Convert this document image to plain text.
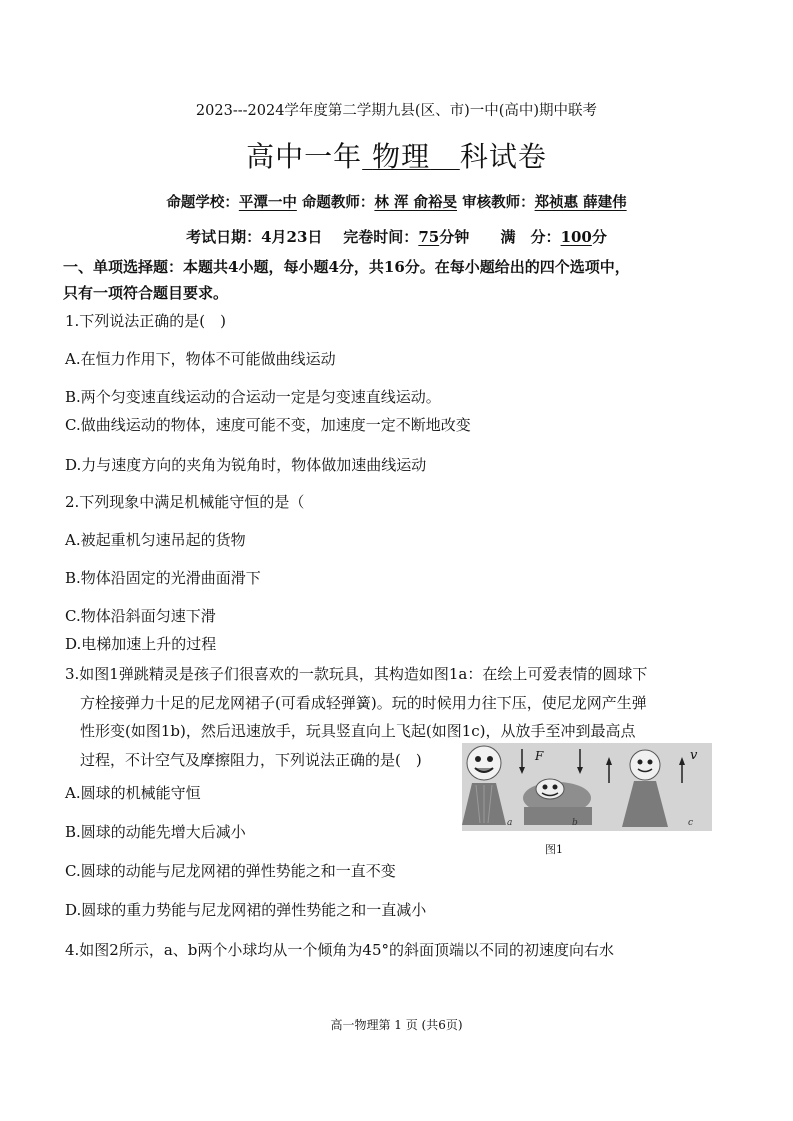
2023---2024学年度第二学期九县(区、市)一中(高中)期中联考
高中一年 物理 科试卷
命题学校：平潭一中 命题教师：林 浑 俞裕旻 审核教师：郑祯惠 薛建伟
考试日期：4月23日 完卷时间：75分钟 满　分：100分
一、单项选择题：本题共4小题，每小题4分，共16分。在每小题给出的四个选项中，
只有一项符合题目要求。
1.下列说法正确的是(　)
A.在恒力作用下，物体不可能做曲线运动
B.两个匀变速直线运动的合运动一定是匀变速直线运动。
C.做曲线运动的物体，速度可能不变，加速度一定不断地改变
D.力与速度方向的夹角为锐角时，物体做加速曲线运动
2.下列现象中满足机械能守恒的是（
A.被起重机匀速吊起的货物
B.物体沿固定的光滑曲面滑下
C.物体沿斜面匀速下滑
D.电梯加速上升的过程
3.如图1弹跳精灵是孩子们很喜欢的一款玩具，其构造如图1a：在绘上可爱表情的圆球下
方栓接弹力十足的尼龙网裙子(可看成轻弹簧)。玩的时候用力往下压，使尼龙网产生弹
性形变(如图1b)，然后迅速放手，玩具竖直向上飞起(如图1c)，从放手至冲到最高点
过程，不计空气及摩擦阻力，下列说法正确的是(　)
A.圆球的机械能守恒
B.圆球的动能先增大后减小
C.圆球的动能与尼龙网裙的弹性势能之和一直不变
D.圆球的重力势能与尼龙网裙的弹性势能之和一直减小
a
F
b
v
c
图1
4.如图2所示，a、b两个小球均从一个倾角为45°的斜面顶端以不同的初速度向右水
高一物理第 1 页 (共6页)
